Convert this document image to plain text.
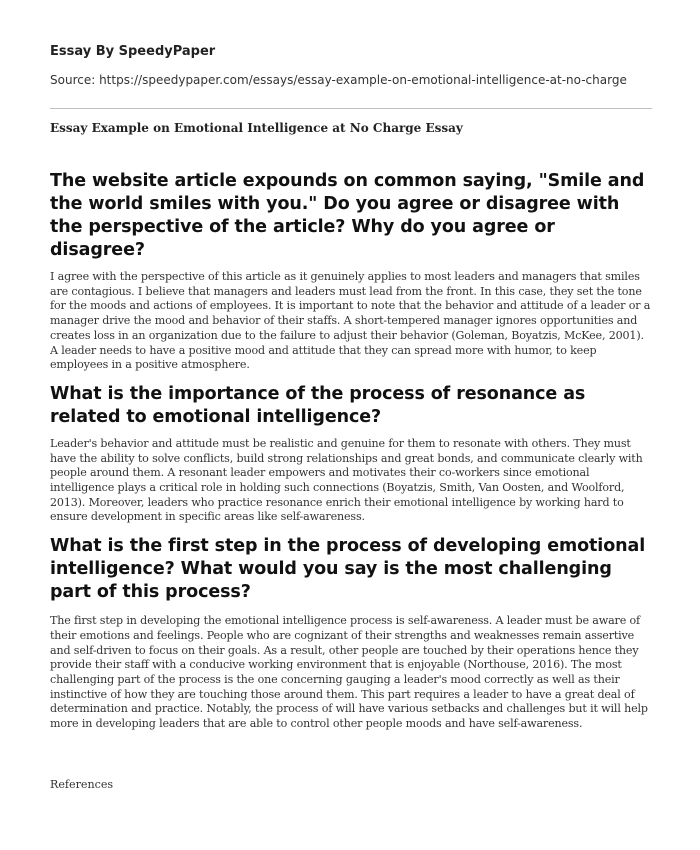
Essay By SpeedyPaper
Source: https://speedypaper.com/essays/essay-example-on-emotional-intelligence-at-no-charge
Essay Example on Emotional Intelligence at No Charge Essay
The website article expounds on common saying, "Smile and the world smiles with you." Do you agree or disagree with the perspective of the article? Why do you agree or disagree?

I agree with the perspective of this article as it genuinely applies to most leaders and managers that smiles are contagious. I believe that managers and leaders must lead from the front. In this case, they set the tone for the moods and actions of employees. It is important to note that the behavior and attitude of a leader or a manager drive the mood and behavior of their staffs. A short-tempered manager ignores opportunities and creates loss in an organization due to the failure to adjust their behavior (Goleman, Boyatzis, McKee, 2001). A leader needs to have a positive mood and attitude that they can spread more with humor, to keep employees in a positive atmosphere.

What is the importance of the process of resonance as related to emotional intelligence?

Leader's behavior and attitude must be realistic and genuine for them to resonate with others. They must have the ability to solve conflicts, build strong relationships and great bonds, and communicate clearly with people around them. A resonant leader empowers and motivates their co-workers since emotional intelligence plays a critical role in holding such connections (Boyatzis, Smith, Van Oosten, and Woolford, 2013). Moreover, leaders who practice resonance enrich their emotional intelligence by working hard to ensure development in specific areas like self-awareness.

What is the first step in the process of developing emotional intelligence? What would you say is the most challenging part of this process?

The first step in developing the emotional intelligence process is self-awareness. A leader must be aware of their emotions and feelings. People who are cognizant of their strengths and weaknesses remain assertive and self-driven to focus on their goals. As a result, other people are touched by their operations hence they provide their staff with a conducive working environment that is enjoyable (Northouse, 2016). The most challenging part of the process is the one concerning gauging a leader's mood correctly as well as their instinctive of how they are touching those around them. This part requires a leader to have a great deal of determination and practice. Notably, the process of will have various setbacks and challenges but it will help more in developing leaders that are able to control other people moods and have self-awareness.

References
